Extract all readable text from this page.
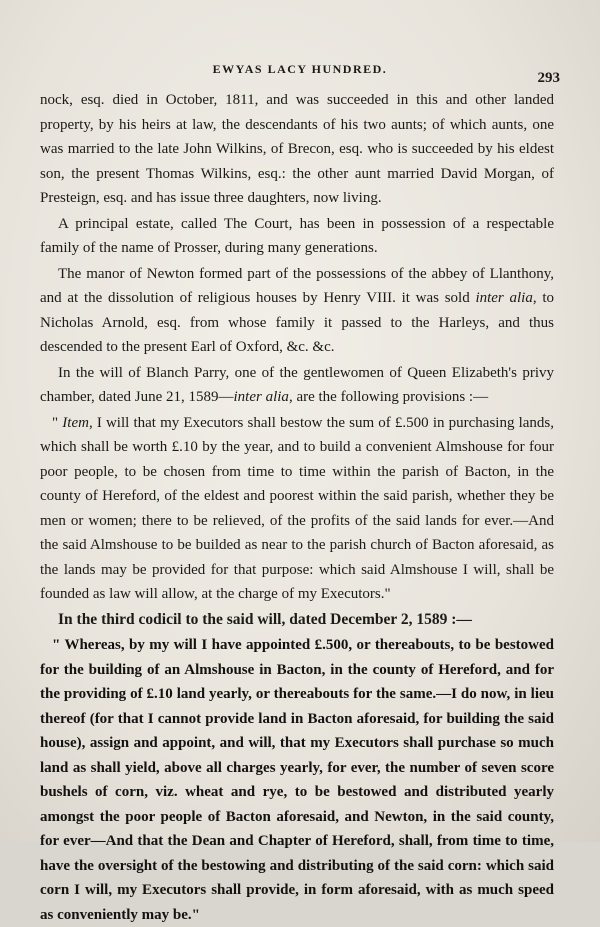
EWYAS LACY HUNDRED.
293

nock, esq. died in October, 1811, and was succeeded in this and other landed property, by his heirs at law, the descendants of his two aunts; of which aunts, one was married to the late John Wilkins, of Brecon, esq. who is succeeded by his eldest son, the present Thomas Wilkins, esq.: the other aunt married David Morgan, of Presteign, esq. and has issue three daughters, now living.

A principal estate, called The Court, has been in possession of a respectable family of the name of Prosser, during many generations.

The manor of Newton formed part of the possessions of the abbey of Llanthony, and at the dissolution of religious houses by Henry VIII. it was sold inter alia, to Nicholas Arnold, esq. from whose family it passed to the Harleys, and thus descended to the present Earl of Oxford, &c. &c.

In the will of Blanch Parry, one of the gentlewomen of Queen Elizabeth's privy chamber, dated June 21, 1589—inter alia, are the following provisions :—

" Item, I will that my Executors shall bestow the sum of £.500 in purchasing lands, which shall be worth £.10 by the year, and to build a convenient Almshouse for four poor people, to be chosen from time to time within the parish of Bacton, in the county of Hereford, of the eldest and poorest within the said parish, whether they be men or women; there to be relieved, of the profits of the said lands for ever.—And the said Almshouse to be builded as near to the parish church of Bacton aforesaid, as the lands may be provided for that purpose: which said Almshouse I will, shall be founded as law will allow, at the charge of my Executors."

In the third codicil to the said will, dated December 2, 1589 :—

" Whereas, by my will I have appointed £.500, or thereabouts, to be bestowed for the building of an Almshouse in Bacton, in the county of Hereford, and for the providing of £.10 land yearly, or thereabouts for the same.—I do now, in lieu thereof (for that I cannot provide land in Bacton aforesaid, for building the said house), assign and appoint, and will, that my Executors shall purchase so much land as shall yield, above all charges yearly, for ever, the number of seven score bushels of corn, viz. wheat and rye, to be bestowed and distributed yearly amongst the poor people of Bacton aforesaid, and Newton, in the said county, for ever—And that the Dean and Chapter of Hereford, shall, from time to time, have the oversight of the bestowing and distributing of the said corn: which said corn I will, my Executors shall provide, in form aforesaid, with as much speed as conveniently may be."
